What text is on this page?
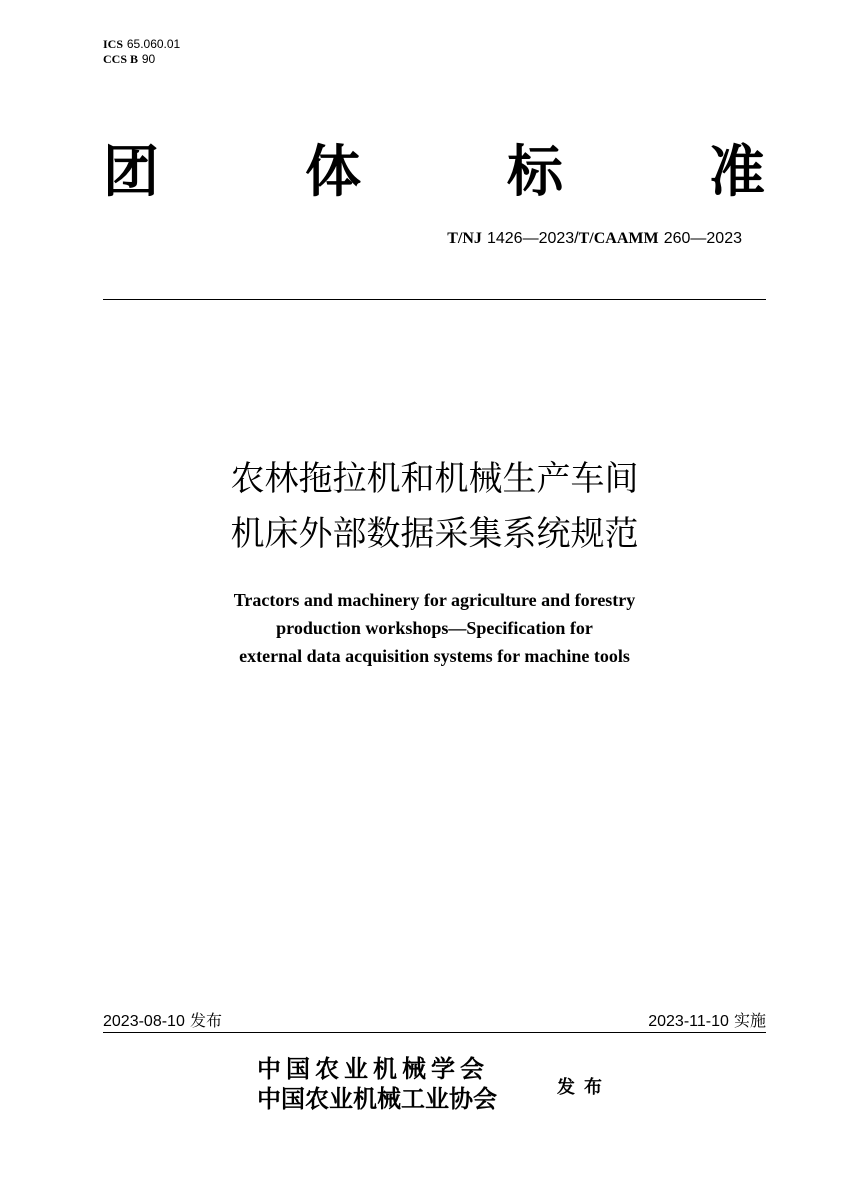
ICS 65.060.01
CCS B 90
团	体	标	准
T/NJ 1426—2023/T/CAAMM 260—2023
农林拖拉机和机械生产车间
机床外部数据采集系统规范
Tractors and machinery for agriculture and forestry
production workshops—Specification for
external data acquisition systems for machine tools
2023-08-10 发布	2023-11-10 实施
中国农业机械学会
中国农业机械工业协会	发布
